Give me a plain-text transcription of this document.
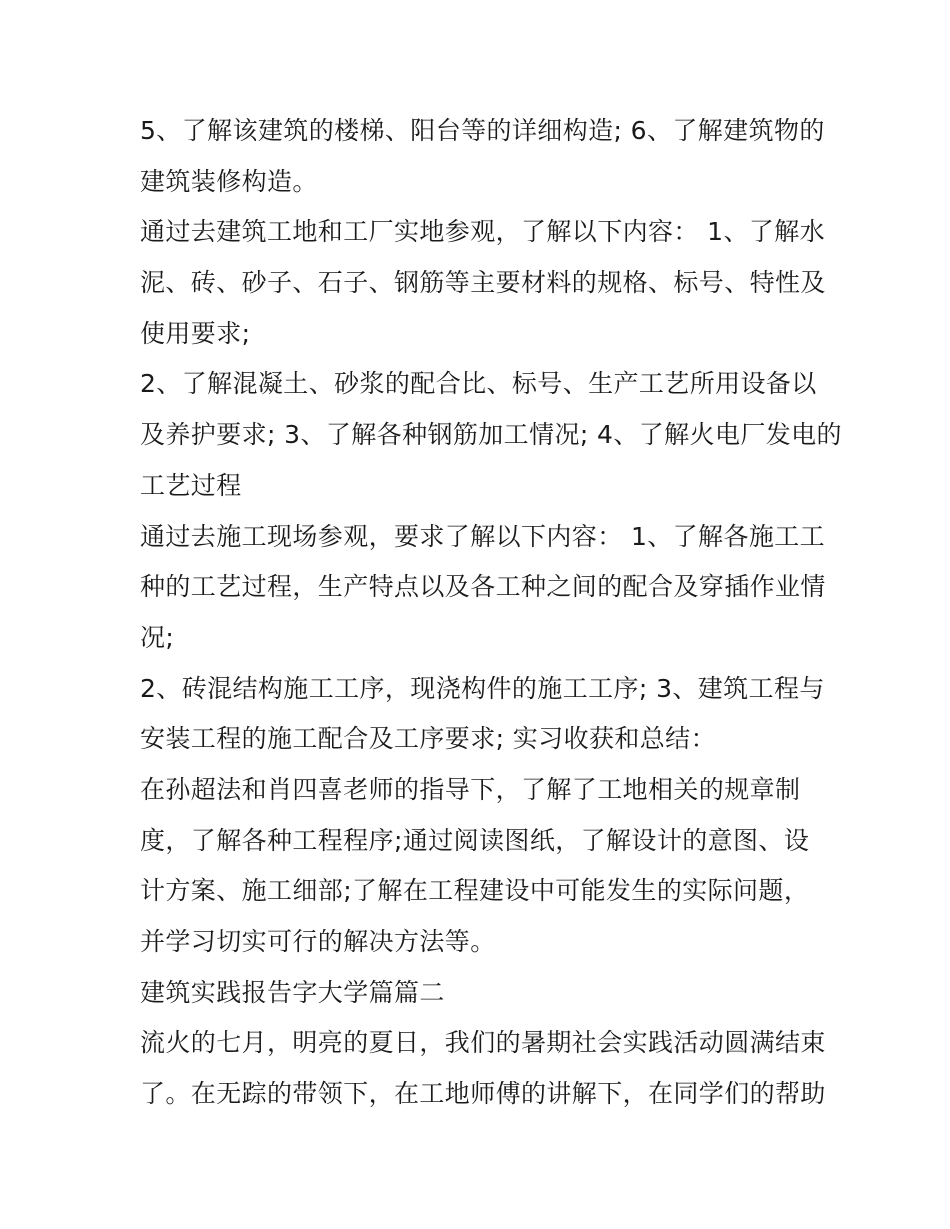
5、了解该建筑的楼梯、阳台等的详细构造; 6、了解建筑物的
建筑装修构造。
通过去建筑工地和工厂实地参观，了解以下内容： 1、了解水
泥、砖、砂子、石子、钢筋等主要材料的规格、标号、特性及
使用要求;
2、了解混凝土、砂浆的配合比、标号、生产工艺所用设备以
及养护要求; 3、了解各种钢筋加工情况; 4、了解火电厂发电的
工艺过程
通过去施工现场参观，要求了解以下内容： 1、了解各施工工
种的工艺过程，生产特点以及各工种之间的配合及穿插作业情
况;
2、砖混结构施工工序，现浇构件的施工工序; 3、建筑工程与
安装工程的施工配合及工序要求; 实习收获和总结：
在孙超法和肖四喜老师的指导下，了解了工地相关的规章制
度，了解各种工程程序;通过阅读图纸，了解设计的意图、设
计方案、施工细部;了解在工程建设中可能发生的实际问题，
并学习切实可行的解决方法等。
建筑实践报告字大学篇篇二
流火的七月，明亮的夏日，我们的暑期社会实践活动圆满结束
了。在无踪的带领下，在工地师傅的讲解下，在同学们的帮助
